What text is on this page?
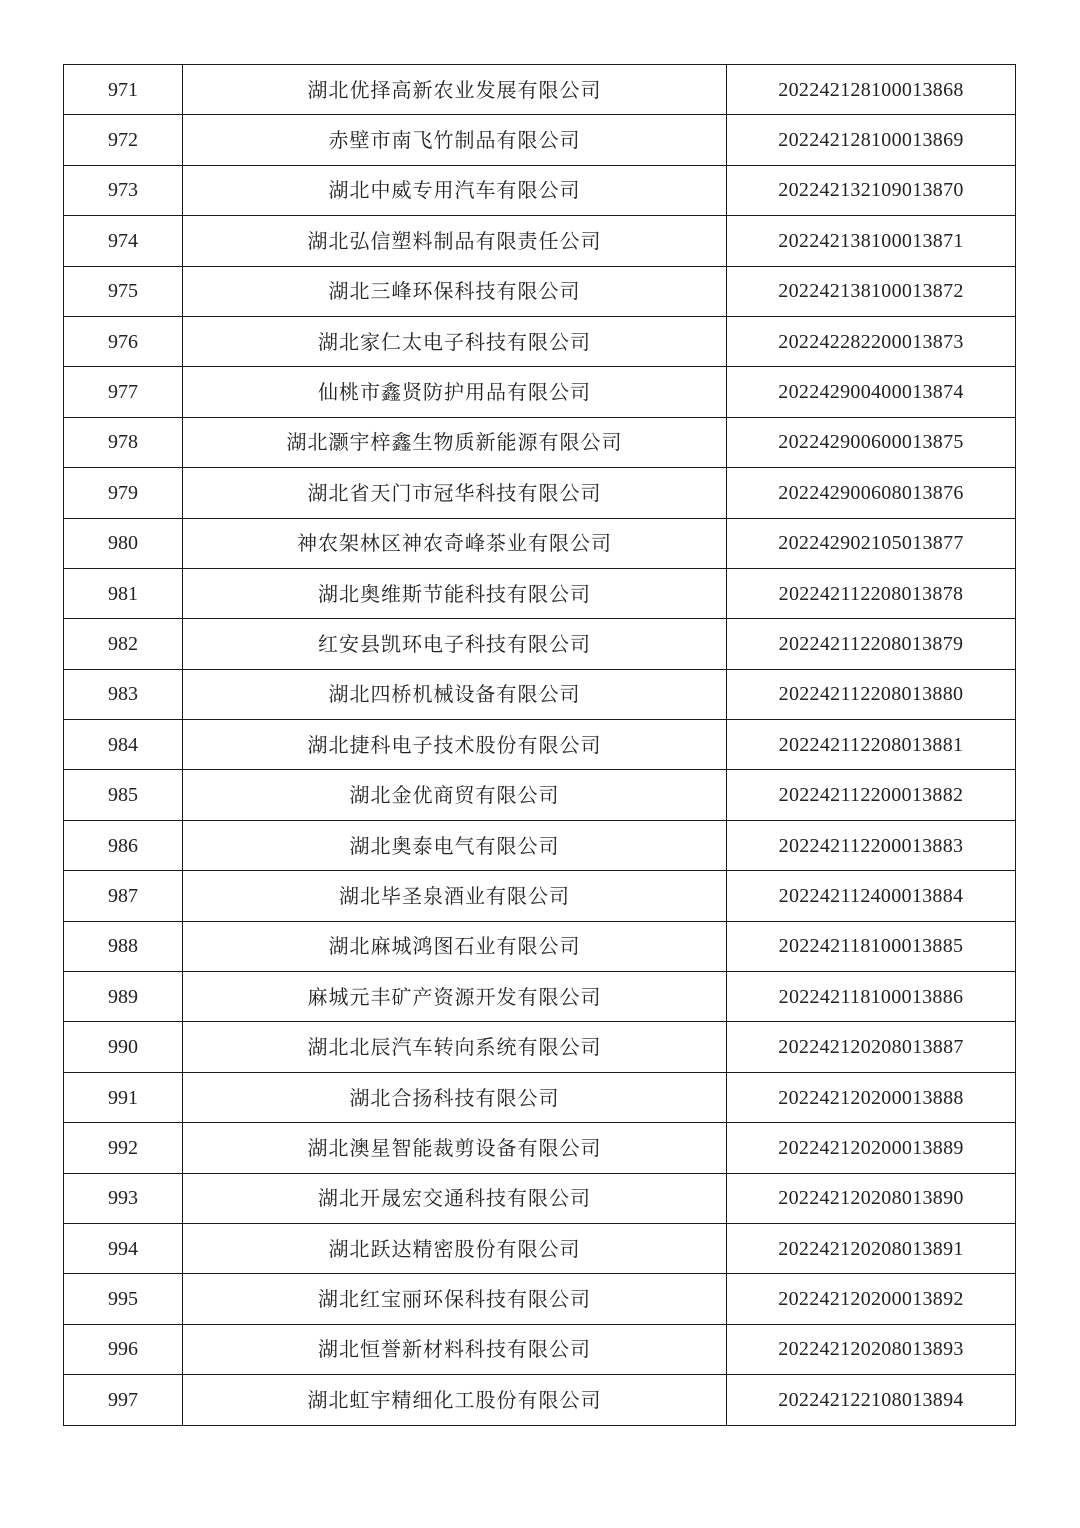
971	湖北优择高新农业发展有限公司	202242128100013868
972	赤壁市南飞竹制品有限公司	202242128100013869
973	湖北中威专用汽车有限公司	202242132109013870
974	湖北弘信塑料制品有限责任公司	202242138100013871
975	湖北三峰环保科技有限公司	202242138100013872
976	湖北家仁太电子科技有限公司	202242282200013873
977	仙桃市鑫贤防护用品有限公司	202242900400013874
978	湖北灏宇梓鑫生物质新能源有限公司	202242900600013875
979	湖北省天门市冠华科技有限公司	202242900608013876
980	神农架林区神农奇峰茶业有限公司	202242902105013877
981	湖北奥维斯节能科技有限公司	202242112208013878
982	红安县凯环电子科技有限公司	202242112208013879
983	湖北四桥机械设备有限公司	202242112208013880
984	湖北捷科电子技术股份有限公司	202242112208013881
985	湖北金优商贸有限公司	202242112200013882
986	湖北奥泰电气有限公司	202242112200013883
987	湖北毕圣泉酒业有限公司	202242112400013884
988	湖北麻城鸿图石业有限公司	202242118100013885
989	麻城元丰矿产资源开发有限公司	202242118100013886
990	湖北北辰汽车转向系统有限公司	202242120208013887
991	湖北合扬科技有限公司	202242120200013888
992	湖北澳星智能裁剪设备有限公司	202242120200013889
993	湖北开晟宏交通科技有限公司	202242120208013890
994	湖北跃达精密股份有限公司	202242120208013891
995	湖北红宝丽环保科技有限公司	202242120200013892
996	湖北恒誉新材料科技有限公司	202242120208013893
997	湖北虹宇精细化工股份有限公司	202242122108013894
